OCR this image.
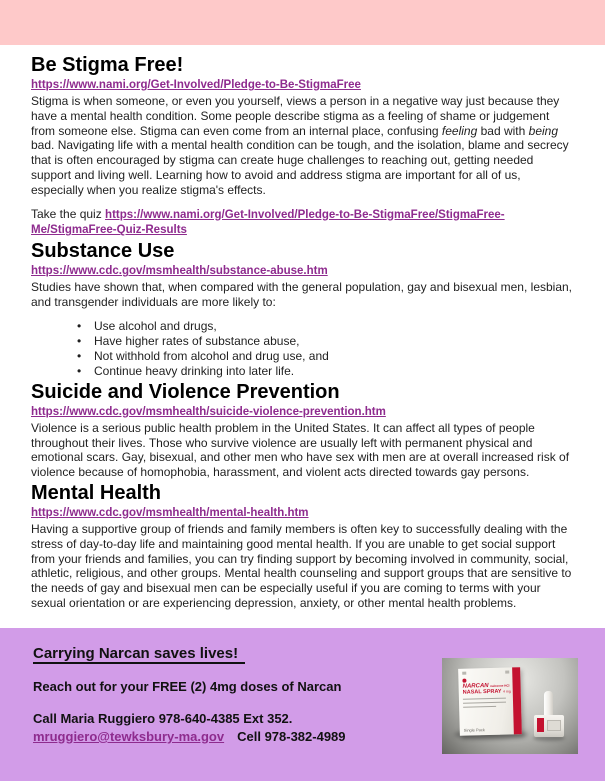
Be Stigma Free!
https://www.nami.org/Get-Involved/Pledge-to-Be-StigmaFree

Stigma is when someone, or even you yourself, views a person in a negative way just because they have a mental health condition. Some people describe stigma as a feeling of shame or judgement from someone else. Stigma can even come from an internal place, confusing feeling bad with being bad. Navigating life with a mental health condition can be tough, and the isolation, blame and secrecy that is often encouraged by stigma can create huge challenges to reaching out, getting needed support and living well. Learning how to avoid and address stigma are important for all of us, especially when you realize stigma's effects.

Take the quiz https://www.nami.org/Get-Involved/Pledge-to-Be-StigmaFree/StigmaFree-Me/StigmaFree-Quiz-Results

Substance Use
https://www.cdc.gov/msmhealth/substance-abuse.htm

Studies have shown that, when compared with the general population, gay and bisexual men, lesbian, and transgender individuals are more likely to:

• Use alcohol and drugs,
• Have higher rates of substance abuse,
• Not withhold from alcohol and drug use, and
• Continue heavy drinking into later life.
Suicide and Violence Prevention
https://www.cdc.gov/msmhealth/suicide-violence-prevention.htm

Violence is a serious public health problem in the United States. It can affect all types of people throughout their lives. Those who survive violence are usually left with permanent physical and emotional scars. Gay, bisexual, and other men who have sex with men are at overall increased risk of violence because of homophobia, harassment, and violent acts directed towards gay persons.

Mental Health
https://www.cdc.gov/msmhealth/mental-health.htm

Having a supportive group of friends and family members is often key to successfully dealing with the stress of day-to-day life and maintaining good mental health. If you are unable to get social support from your friends and families, you can try finding support by becoming involved in community, social, athletic, religious, and other groups. Mental health counseling and support groups that are sensitive to the needs of gay and bisexual men can be especially useful if you are coming to terms with your sexual orientation or are experiencing depression, anxiety, or other mental health problems.

Carrying Narcan saves lives!
Reach out for your FREE (2) 4mg doses of Narcan
Call Maria Ruggiero 978-640-4385 Ext 352.
mruggiero@tewksbury-ma.gov Cell 978-382-4989
NARCAN naloxone HCl
NASAL SPRAY 4 mg
Single Pack
